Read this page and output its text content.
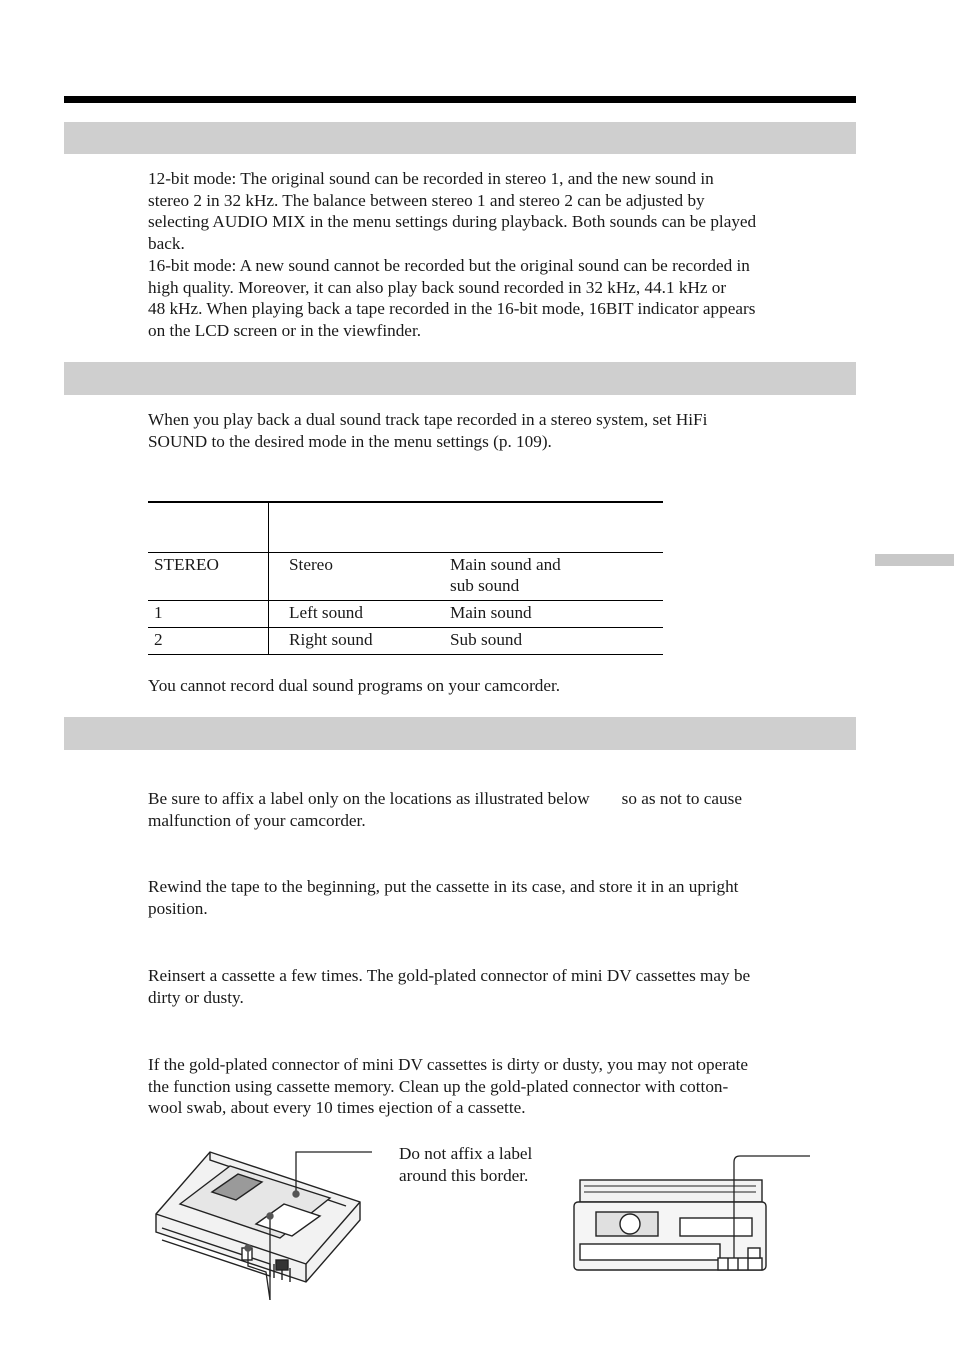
12-bit mode: The original sound can be recorded in stereo 1, and the new sound in
stereo 2 in 32 kHz. The balance between stereo 1 and stereo 2 can be adjusted by
selecting AUDIO MIX in the menu settings during playback. Both sounds can be played
back.
16-bit mode: A new sound cannot be recorded but the original sound can be recorded in
high quality. Moreover, it can also play back sound recorded in 32 kHz, 44.1 kHz or
48 kHz. When playing back a tape recorded in the 16-bit mode, 16BIT indicator appears
on the LCD screen or in the viewfinder.
When you play back a dual sound track tape recorded in a stereo system, set HiFi
SOUND to the desired mode in the menu settings (p. 109).
STEREO	Stereo	Main sound and
sub sound
1	Left sound	Main sound
2	Right sound	Sub sound
You cannot record dual sound programs on your camcorder.
Be sure to affix a label only on the locations as illustrated below so as not to cause
malfunction of your camcorder.
Rewind the tape to the beginning, put the cassette in its case, and store it in an upright
position.
Reinsert a cassette a few times. The gold-plated connector of mini DV cassettes may be
dirty or dusty.
If the gold-plated connector of mini DV cassettes is dirty or dusty, you may not operate
the function using cassette memory. Clean up the gold-plated connector with cotton-
wool swab, about every 10 times ejection of a cassette.
Do not affix a label
around this border.
